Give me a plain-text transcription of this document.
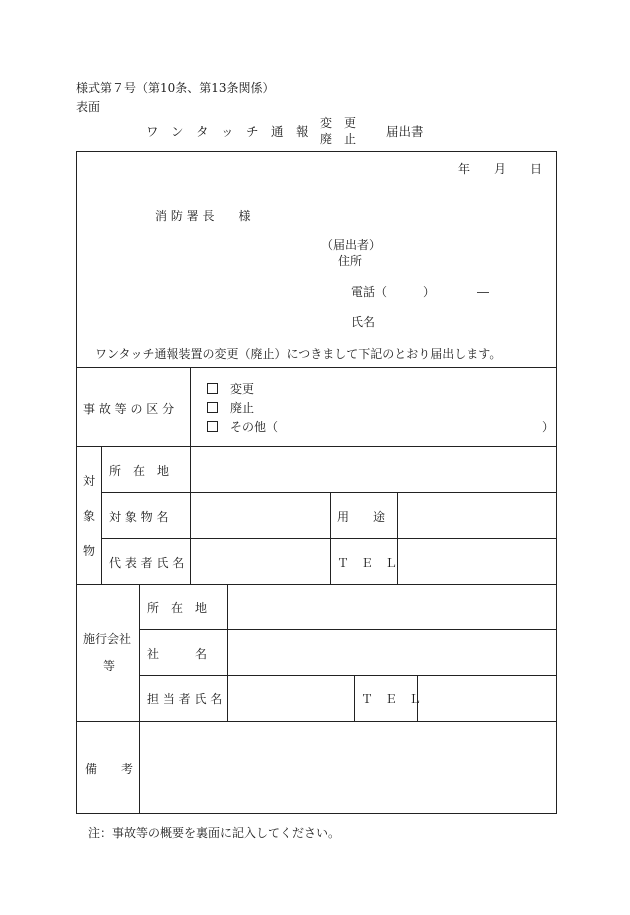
様式第７号（第10条、第13条関係）
表面
ワ　ン　タ　ッ　チ　通　報
変　更
廃　止 届出書
年 月 日
消 防 署 長　　様
（届出者）
住所
電話（　　　）　　　　―
氏名
ワンタッチ通報装置の変更（廃止）につきまして下記のとおり届出します。
事 故 等 の 区 分
変更
廃止
その他（	）
対
象
物
所　在　地
対 象 物 名	用　　途
代 表 者 氏 名	Ｔ　Ｅ　Ｌ
施行会社
等
所　在　地
社　　　名
担 当 者 氏 名	Ｔ　Ｅ　Ｌ
備　　考
注：事故等の概要を裏面に記入してください。
